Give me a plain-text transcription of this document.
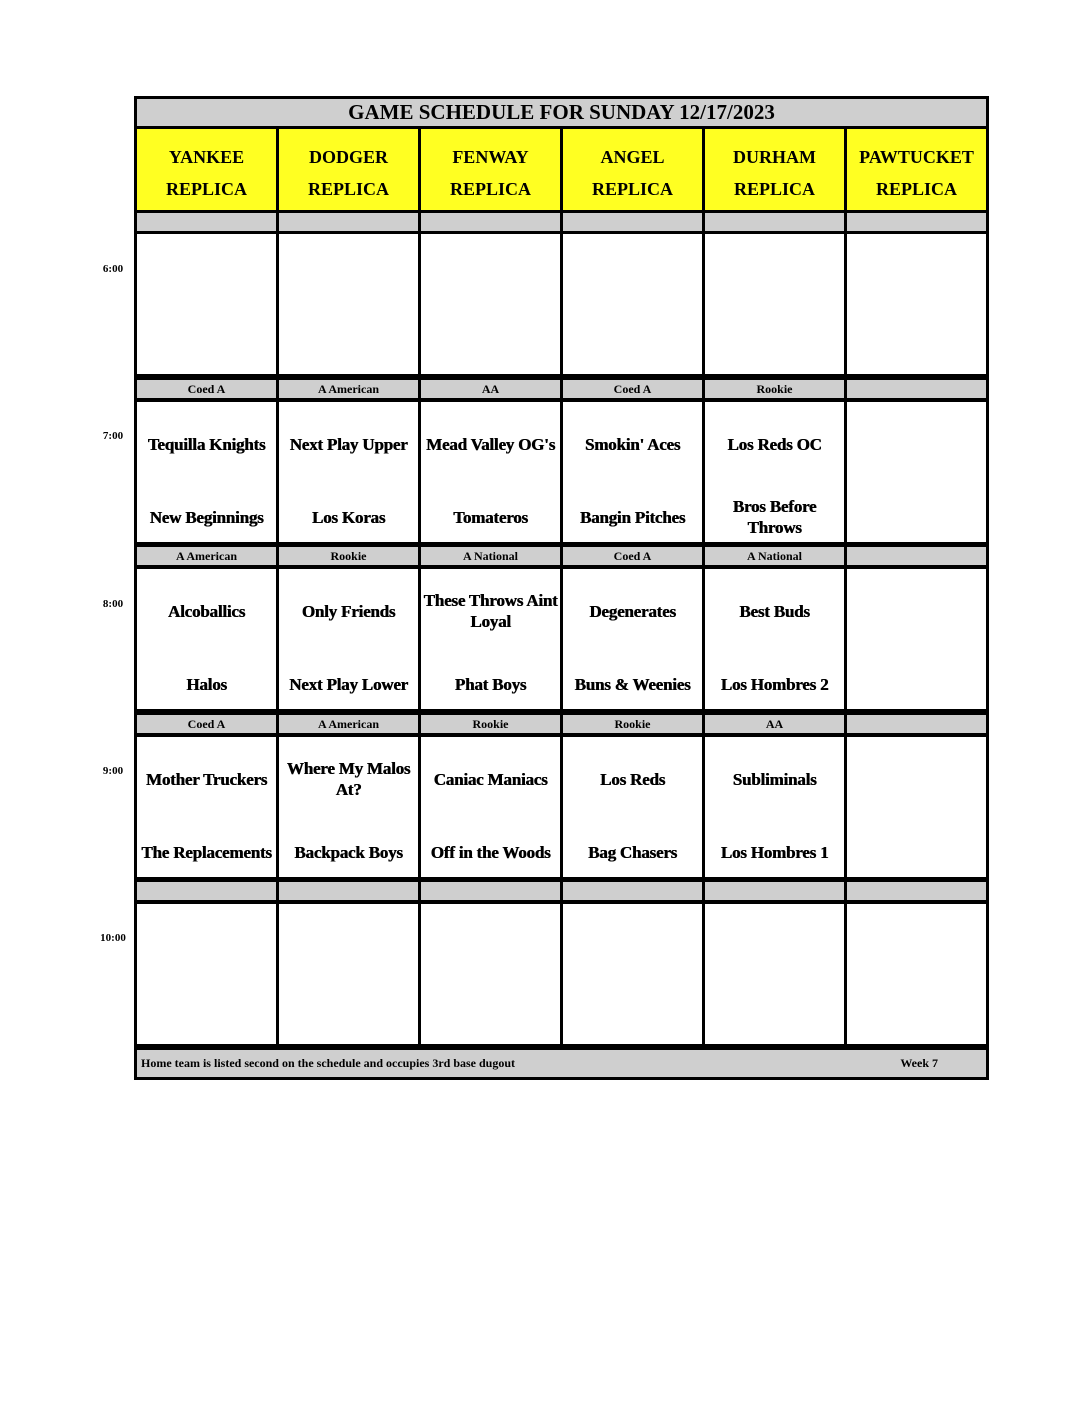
GAME SCHEDULE FOR SUNDAY 12/17/2023
Home team is listed second on the schedule and occupies 3rd base dugout	Week 7
YANKEE
REPLICA
DODGER
REPLICA
FENWAY
REPLICA
ANGEL
REPLICA
DURHAM
REPLICA
PAWTUCKET
REPLICA
Coed A
Tequilla Knights
New Beginnings
A American
Next Play Upper
Los Koras
AA
Mead Valley OG's
Tomateros
Coed A
Smokin' Aces
Bangin Pitches
Rookie
Los Reds OC
Bros Before Throws
A American
Alcoballics
Halos
Rookie
Only Friends
Next Play Lower
A National
These Throws Aint Loyal
Phat Boys
Coed A
Degenerates
Buns & Weenies
A National
Best Buds
Los Hombres 2
Coed A
Mother Truckers
The Replacements
A American
Where My Malos At?
Backpack Boys
Rookie
Caniac Maniacs
Off in the Woods
Rookie
Los Reds
Bag Chasers
AA
Subliminals
Los Hombres 1
6:00
7:00
8:00
9:00
10:00
